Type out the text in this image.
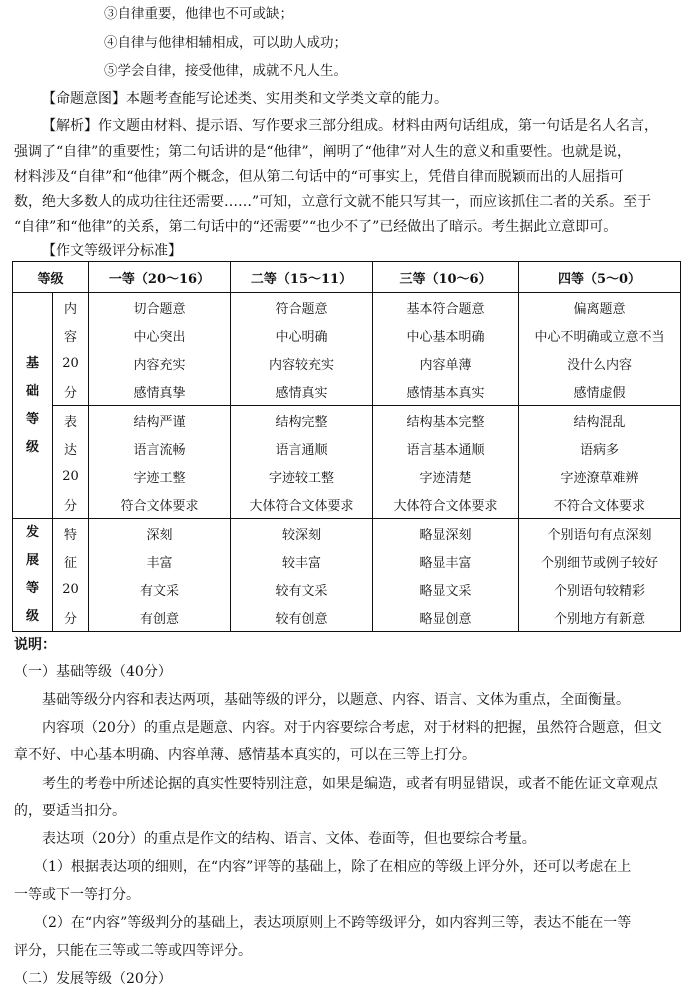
③自律重要，他律也不可或缺；
④自律与他律相辅相成，可以助人成功；
⑤学会自律，接受他律，成就不凡人生。
【命题意图】本题考查能写论述类、实用类和文学类文章的能力。
【解析】作文题由材料、提示语、写作要求三部分组成。材料由两句话组成，第一句话是名人名言，
强调了“自律”的重要性；第二句话讲的是“他律”，阐明了“他律”对人生的意义和重要性。也就是说，
材料涉及“自律”和“他律”两个概念，但从第二句话中的“可事实上，凭借自律而脱颖而出的人屈指可
数，绝大多数人的成功往往还需要……”可知，立意行文就不能只写其一，而应该抓住二者的关系。至于
“自律”和“他律”的关系，第二句话中的“还需要”“也少不了”已经做出了暗示。考生据此立意即可。
【作文等级评分标准】
等级		一等（20～16）	二等（15～11）	三等（10～6）	四等（5～0）

基
础
等
级	内	切合题意	符合题意	基本符合题意	偏离题意
	容	中心突出	中心明确	中心基本明确	中心不明确或立意不当
	20	内容充实	内容较充实	内容单薄	没什么内容
	分	感情真挚	感情真实	感情基本真实	感情虚假
	表	结构严谨	结构完整	结构基本完整	结构混乱
	达	语言流畅	语言通顺	语言基本通顺	语病多
	20	字迹工整	字迹较工整	字迹清楚	字迹潦草难辨
	分	符合文体要求	大体符合文体要求	大体符合文体要求	不符合文体要求

发
展
等
级	特	深刻	较深刻	略显深刻	个别语句有点深刻
	征	丰富	较丰富	略显丰富	个别细节或例子较好
	20	有文采	较有文采	略显文采	个别语句较精彩
	分	有创意	较有创意	略显创意	个别地方有新意
说明：
（一）基础等级（40分）
基础等级分内容和表达两项，基础等级的评分，以题意、内容、语言、文体为重点，全面衡量。
内容项（20分）的重点是题意、内容。对于内容要综合考虑，对于材料的把握，虽然符合题意，但文
章不好、中心基本明确、内容单薄、感情基本真实的，可以在三等上打分。
考生的考卷中所述论据的真实性要特别注意，如果是编造，或者有明显错误，或者不能佐证文章观点
的，要适当扣分。
表达项（20分）的重点是作文的结构、语言、文体、卷面等，但也要综合考量。
（1）根据表达项的细则，在“内容”评等的基础上，除了在相应的等级上评分外，还可以考虑在上
一等或下一等打分。
（2）在“内容”等级判分的基础上，表达项原则上不跨等级评分，如内容判三等，表达不能在一等
评分，只能在三等或二等或四等评分。
（二）发展等级（20分）
